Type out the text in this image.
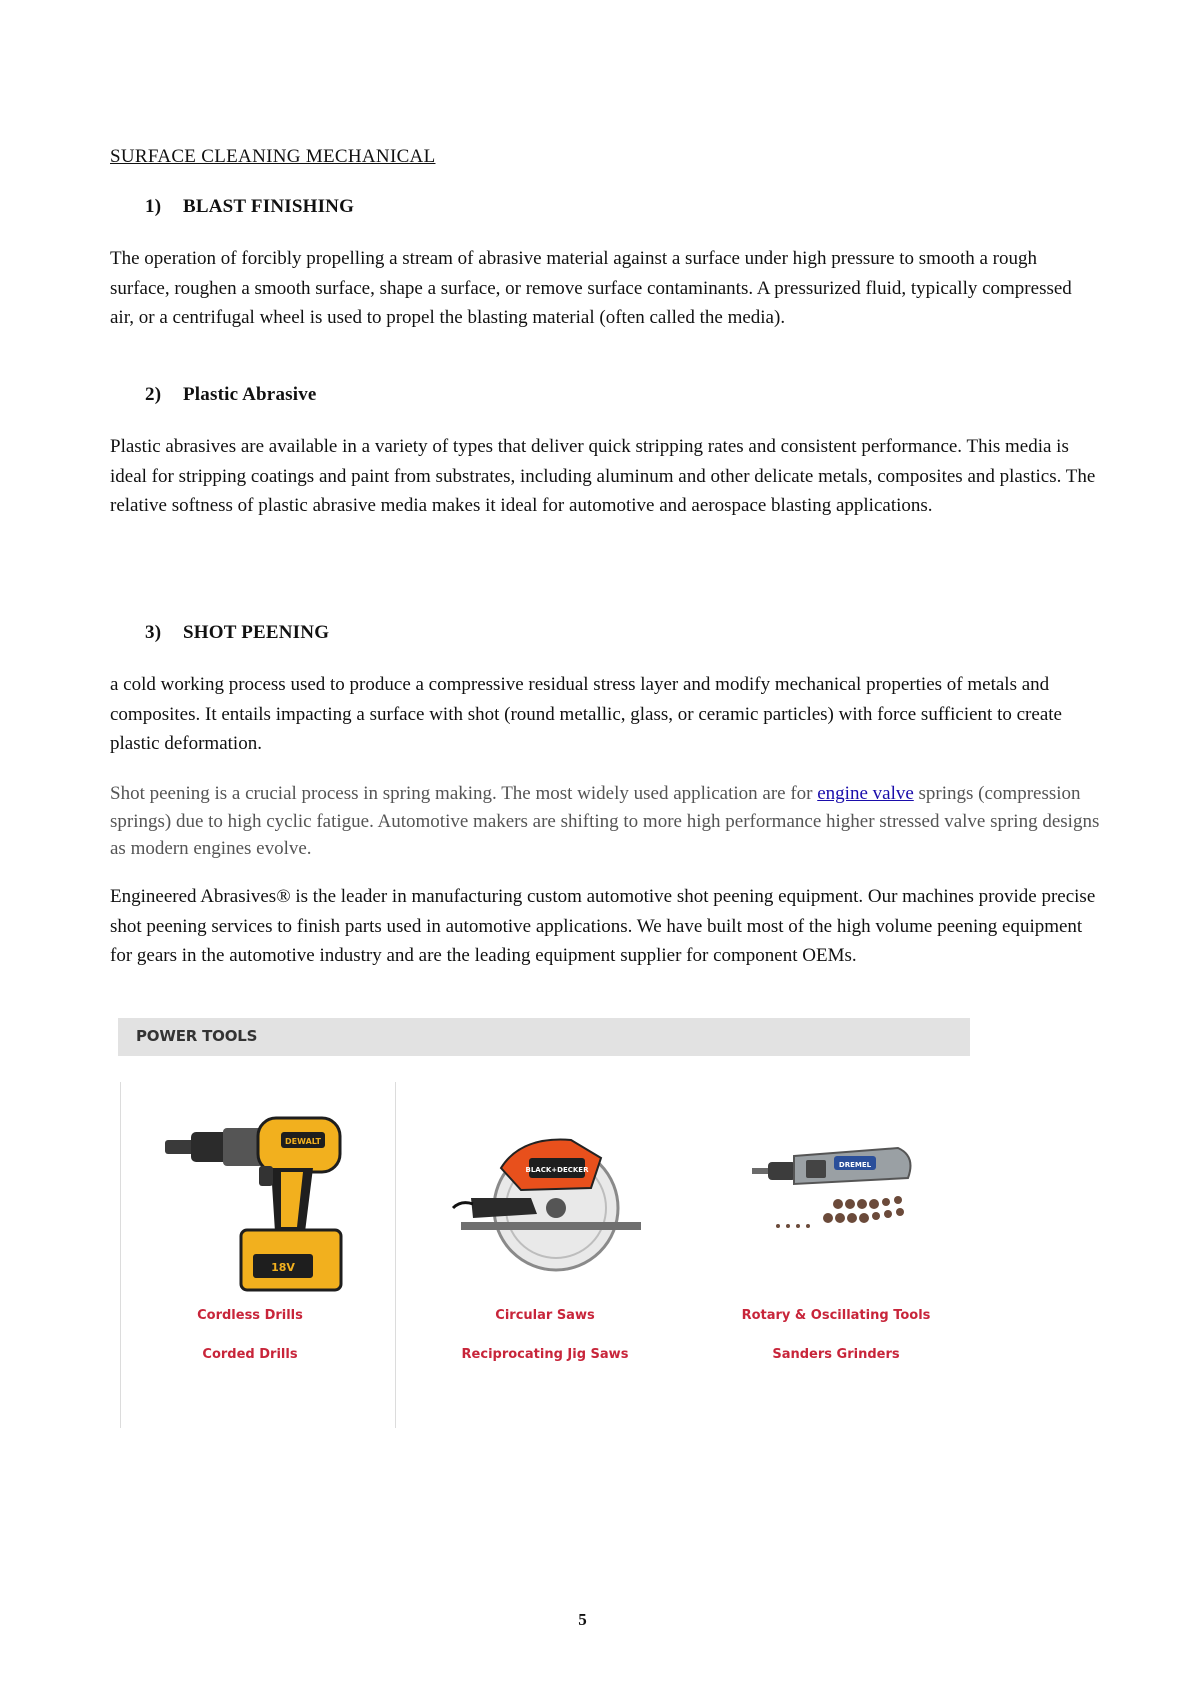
SURFACE CLEANING MECHANICAL
1) BLAST FINISHING

The operation of forcibly propelling a stream of abrasive material against a surface under high pressure to smooth a rough surface, roughen a smooth surface, shape a surface, or remove surface contaminants. A pressurized fluid, typically compressed air, or a centrifugal wheel is used to propel the blasting material (often called the media).

2) Plastic Abrasive

Plastic abrasives are available in a variety of types that deliver quick stripping rates and consistent performance. This media is ideal for stripping coatings and paint from substrates, including aluminum and other delicate metals, composites and plastics. The relative softness of plastic abrasive media makes it ideal for automotive and aerospace blasting applications.

3) SHOT PEENING

a cold working process used to produce a compressive residual stress layer and modify mechanical properties of metals and composites. It entails impacting a surface with shot (round metallic, glass, or ceramic particles) with force sufficient to create plastic deformation.

Shot peening is a crucial process in spring making. The most widely used application are for engine valve springs (compression springs) due to high cyclic fatigue. Automotive makers are shifting to more high performance higher stressed valve spring designs as modern engines evolve.

Engineered Abrasives® is the leader in manufacturing custom automotive shot peening equipment. Our machines provide precise shot peening services to finish parts used in automotive applications. We have built most of the high volume peening equipment for gears in the automotive industry and are the leading equipment supplier for component OEMs.

POWER TOOLS
DEWALT
18V
BLACK+DECKER
DREMEL
Cordless Drills
Corded Drills
Circular Saws
Reciprocating Jig Saws
Rotary & Oscillating Tools
Sanders Grinders
5
